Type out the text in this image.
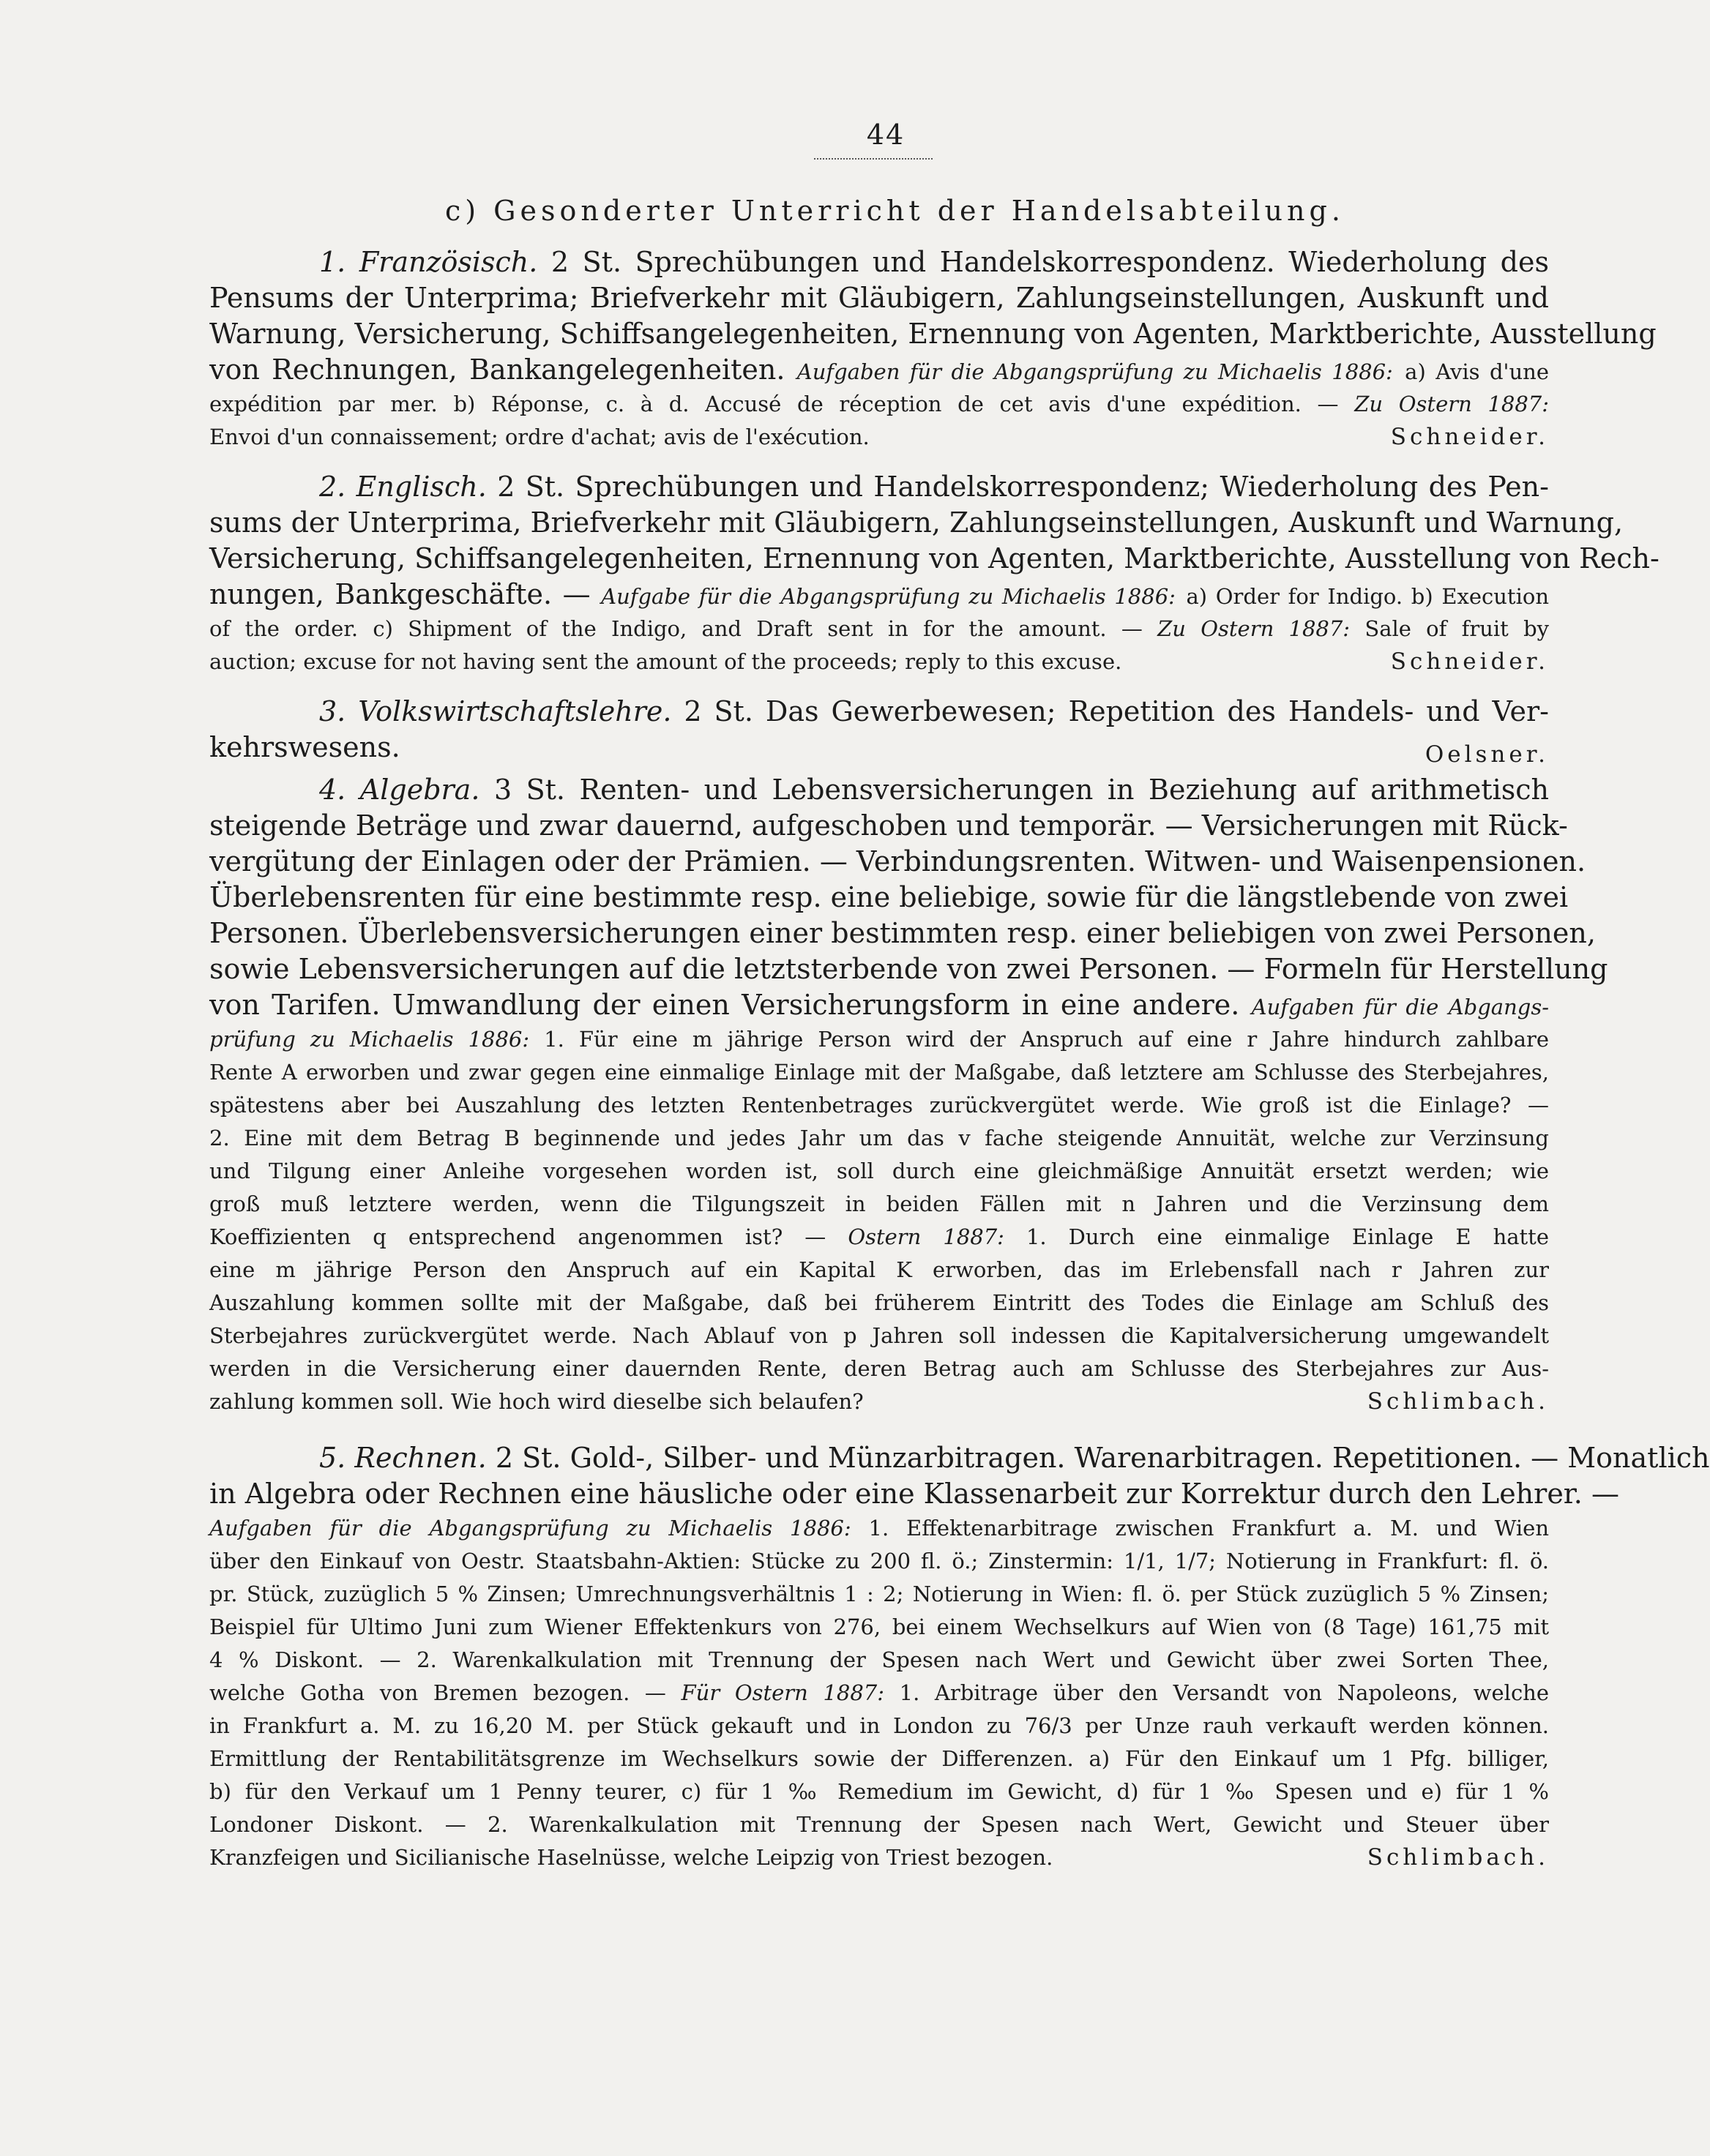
44
c) Gesonderter Unterricht der Handelsabteilung.
1. Französisch. 2 St. Sprechübungen und Handelskorrespondenz. Wiederholung des
Pensums der Unterprima; Briefverkehr mit Gläubigern, Zahlungseinstellungen, Auskunft und
Warnung, Versicherung, Schiffsangelegenheiten, Ernennung von Agenten, Marktberichte, Ausstellung
von Rechnungen, Bankangelegenheiten. Aufgaben für die Abgangsprüfung zu Michaelis 1886: a) Avis d'une
expédition par mer. b) Réponse, c. à d. Accusé de réception de cet avis d'une expédition. — Zu Ostern 1887:
Envoi d'un connaissement; ordre d'achat; avis de l'exécution.	Schneider.
2. Englisch. 2 St. Sprechübungen und Handelskorrespondenz; Wiederholung des Pen-
sums der Unterprima, Briefverkehr mit Gläubigern, Zahlungseinstellungen, Auskunft und Warnung,
Versicherung, Schiffsangelegenheiten, Ernennung von Agenten, Marktberichte, Ausstellung von Rech-
nungen, Bankgeschäfte. — Aufgabe für die Abgangsprüfung zu Michaelis 1886: a) Order for Indigo. b) Execution
of the order. c) Shipment of the Indigo, and Draft sent in for the amount. — Zu Ostern 1887: Sale of fruit by
auction; excuse for not having sent the amount of the proceeds; reply to this excuse.	Schneider.
3. Volkswirtschaftslehre. 2 St. Das Gewerbewesen; Repetition des Handels- und Ver-
kehrswesens.	Oelsner.
4. Algebra. 3 St. Renten- und Lebensversicherungen in Beziehung auf arithmetisch
steigende Beträge und zwar dauernd, aufgeschoben und temporär. — Versicherungen mit Rück-
vergütung der Einlagen oder der Prämien. — Verbindungsrenten. Witwen- und Waisenpensionen.
Überlebensrenten für eine bestimmte resp. eine beliebige, sowie für die längstlebende von zwei
Personen. Überlebensversicherungen einer bestimmten resp. einer beliebigen von zwei Personen,
sowie Lebensversicherungen auf die letztsterbende von zwei Personen. — Formeln für Herstellung
von Tarifen. Umwandlung der einen Versicherungsform in eine andere. Aufgaben für die Abgangs-
prüfung zu Michaelis 1886: 1. Für eine m jährige Person wird der Anspruch auf eine r Jahre hindurch zahlbare
Rente A erworben und zwar gegen eine einmalige Einlage mit der Maßgabe, daß letztere am Schlusse des Sterbejahres,
spätestens aber bei Auszahlung des letzten Rentenbetrages zurückvergütet werde. Wie groß ist die Einlage? —
2. Eine mit dem Betrag B beginnende und jedes Jahr um das v fache steigende Annuität, welche zur Verzinsung
und Tilgung einer Anleihe vorgesehen worden ist, soll durch eine gleichmäßige Annuität ersetzt werden; wie
groß muß letztere werden, wenn die Tilgungszeit in beiden Fällen mit n Jahren und die Verzinsung dem
Koeffizienten q entsprechend angenommen ist? — Ostern 1887: 1. Durch eine einmalige Einlage E hatte
eine m jährige Person den Anspruch auf ein Kapital K erworben, das im Erlebensfall nach r Jahren zur
Auszahlung kommen sollte mit der Maßgabe, daß bei früherem Eintritt des Todes die Einlage am Schluß des
Sterbejahres zurückvergütet werde. Nach Ablauf von p Jahren soll indessen die Kapitalversicherung umgewandelt
werden in die Versicherung einer dauernden Rente, deren Betrag auch am Schlusse des Sterbejahres zur Aus-
zahlung kommen soll. Wie hoch wird dieselbe sich belaufen?	Schlimbach.
5. Rechnen. 2 St. Gold-, Silber- und Münzarbitragen. Warenarbitragen. Repetitionen. — Monatlich
in Algebra oder Rechnen eine häusliche oder eine Klassenarbeit zur Korrektur durch den Lehrer. —
Aufgaben für die Abgangsprüfung zu Michaelis 1886: 1. Effektenarbitrage zwischen Frankfurt a. M. und Wien
über den Einkauf von Oestr. Staatsbahn-Aktien: Stücke zu 200 fl. ö.; Zinstermin: 1/1, 1/7; Notierung in Frankfurt: fl. ö.
pr. Stück, zuzüglich 5 % Zinsen; Umrechnungsverhältnis 1 : 2; Notierung in Wien: fl. ö. per Stück zuzüglich 5 % Zinsen;
Beispiel für Ultimo Juni zum Wiener Effektenkurs von 276, bei einem Wechselkurs auf Wien von (8 Tage) 161,75 mit
4 % Diskont. — 2. Warenkalkulation mit Trennung der Spesen nach Wert und Gewicht über zwei Sorten Thee,
welche Gotha von Bremen bezogen. — Für Ostern 1887: 1. Arbitrage über den Versandt von Napoleons, welche
in Frankfurt a. M. zu 16,20 M. per Stück gekauft und in London zu 76/3 per Unze rauh verkauft werden können.
Ermittlung der Rentabilitätsgrenze im Wechselkurs sowie der Differenzen. a) Für den Einkauf um 1 Pfg. billiger,
b) für den Verkauf um 1 Penny teurer, c) für 1 ‰ Remedium im Gewicht, d) für 1 ‰ Spesen und e) für 1 %
Londoner Diskont. — 2. Warenkalkulation mit Trennung der Spesen nach Wert, Gewicht und Steuer über
Kranzfeigen und Sicilianische Haselnüsse, welche Leipzig von Triest bezogen.	Schlimbach.
